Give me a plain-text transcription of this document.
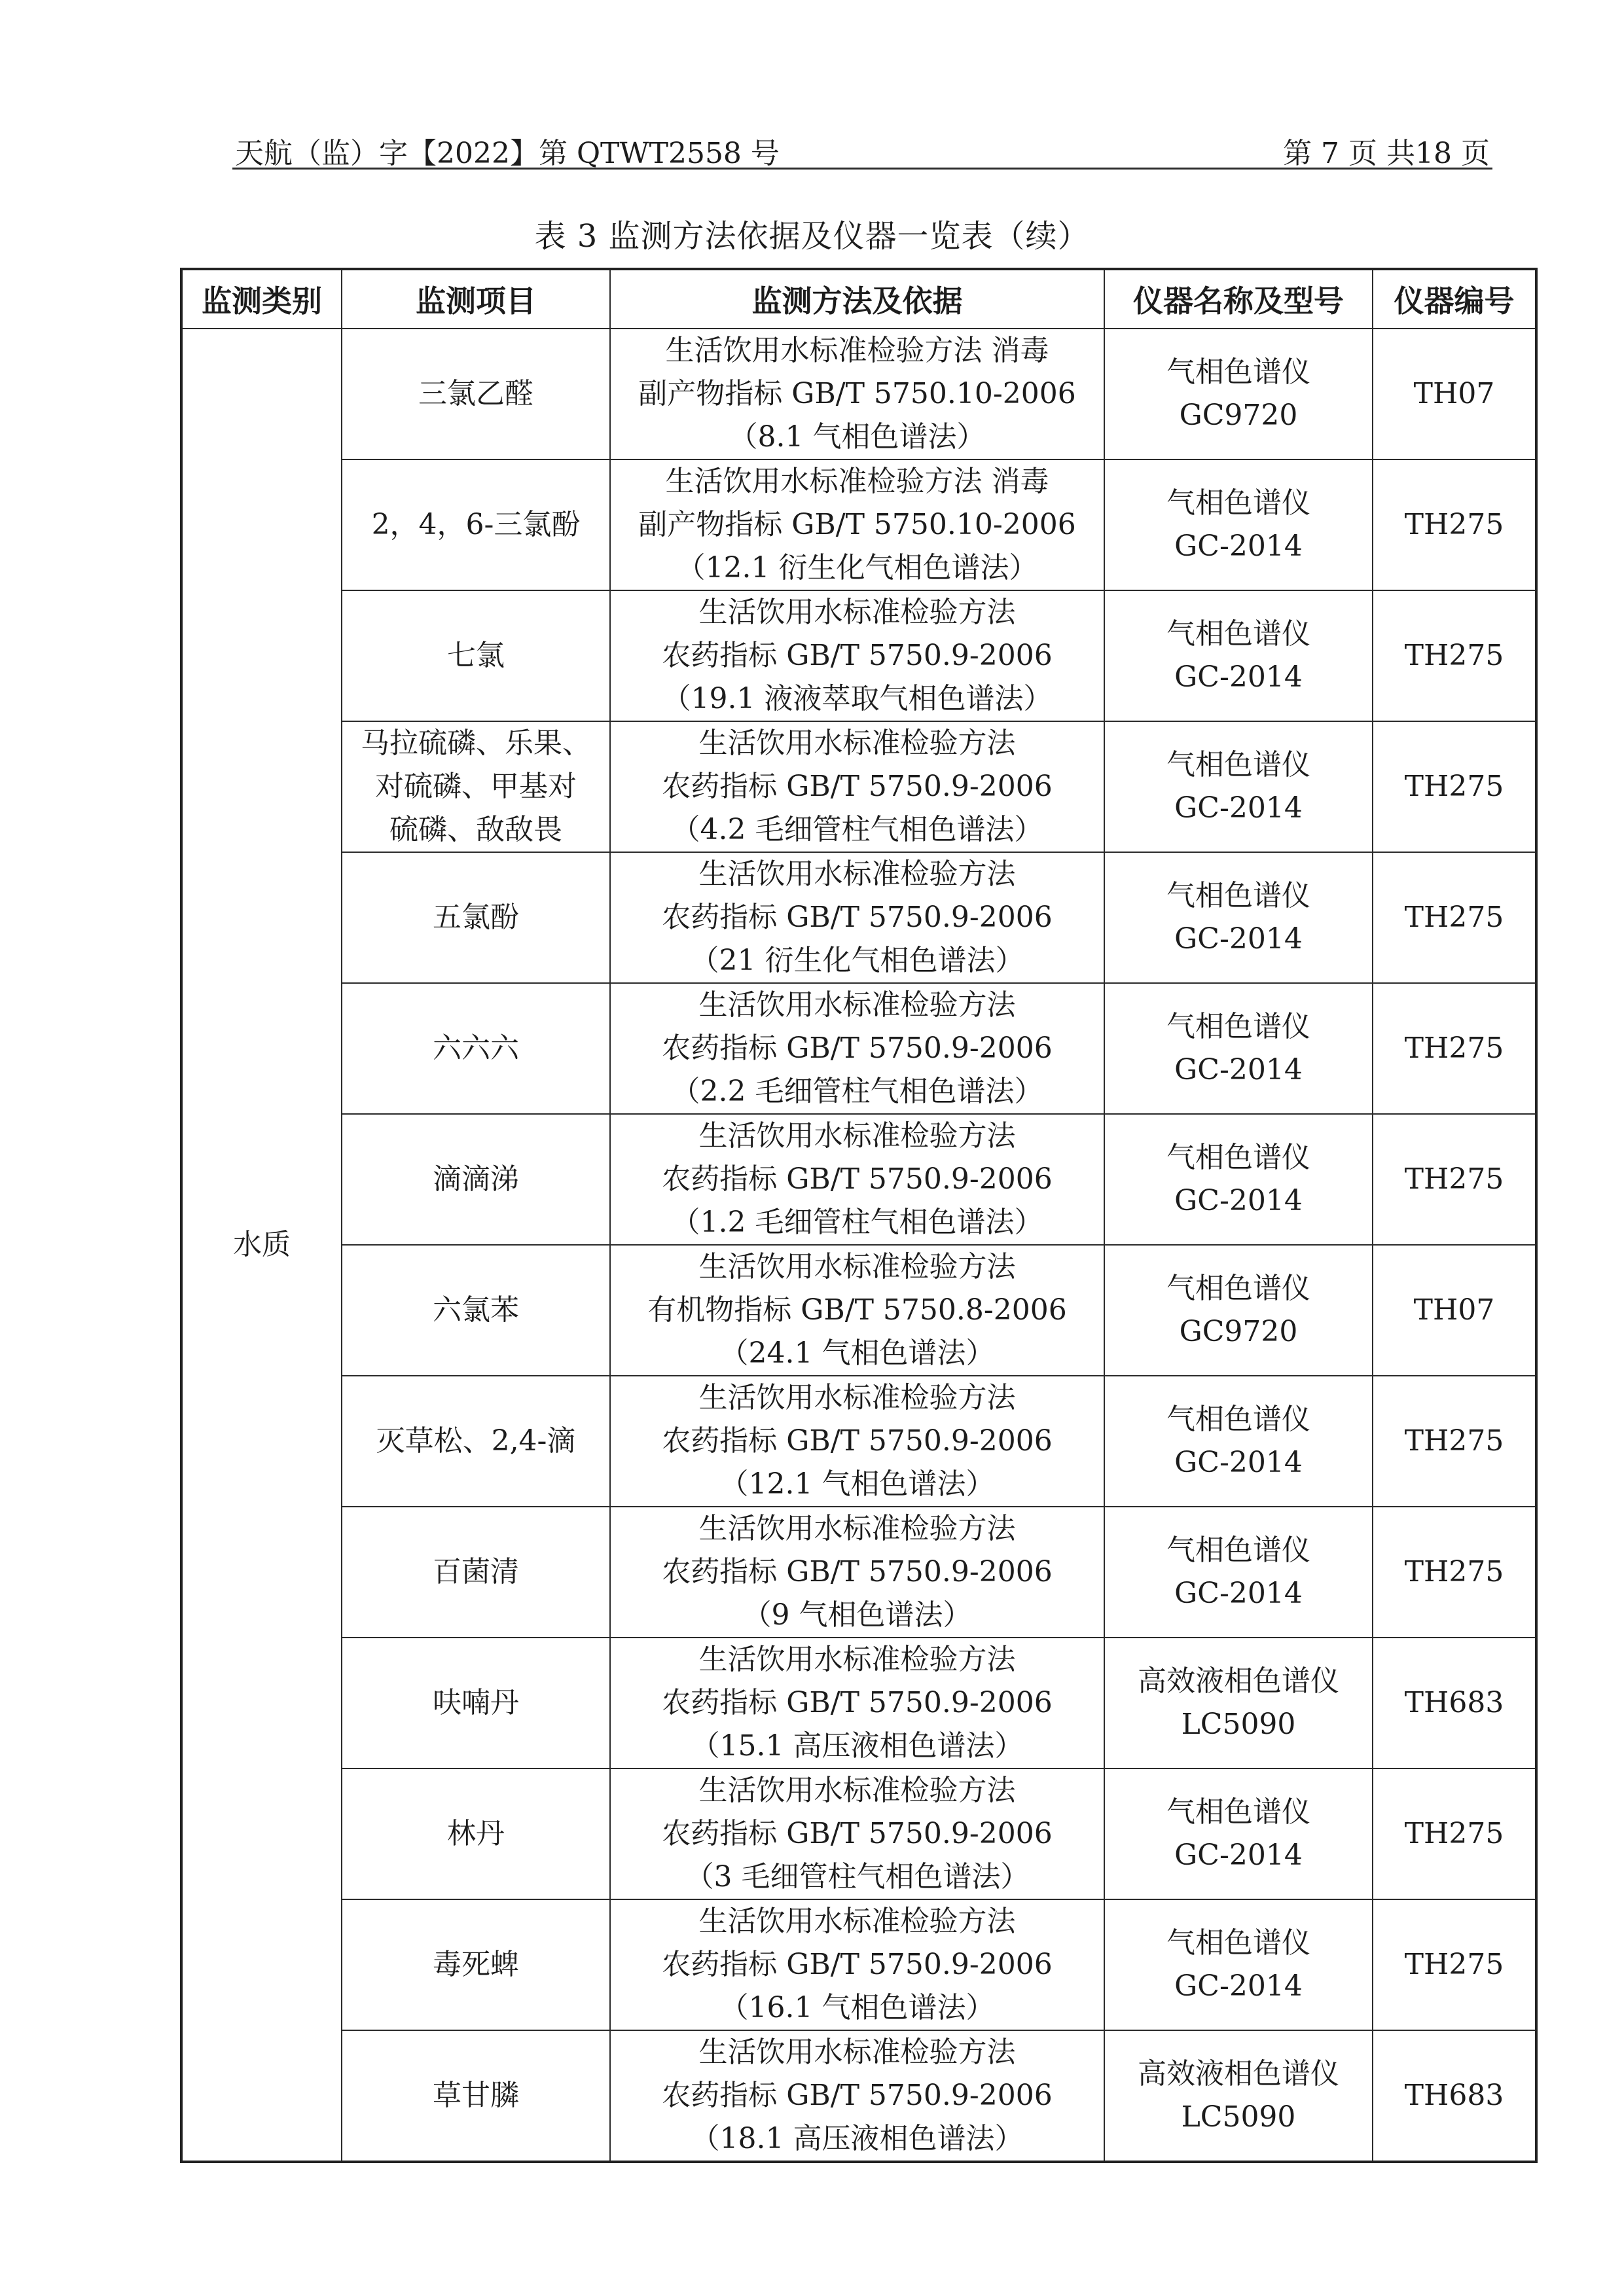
天航（监）字【2022】第 QTWT2558 号	第 7 页 共18 页
表 3 监测方法依据及仪器一览表（续）
监测类别	监测项目	监测方法及依据	仪器名称及型号	仪器编号
水质	三氯乙醛	生活饮用水标准检验方法 消毒
副产物指标 GB/T 5750.10-2006
（8.1 气相色谱法）	气相色谱仪
GC9720	TH07

	2，4，6-三氯酚	生活饮用水标准检验方法 消毒
副产物指标 GB/T 5750.10-2006
（12.1 衍生化气相色谱法）	气相色谱仪
GC-2014	TH275

	七氯	生活饮用水标准检验方法
农药指标 GB/T 5750.9-2006
（19.1 液液萃取气相色谱法）	气相色谱仪
GC-2014	TH275

	马拉硫磷、乐果、
对硫磷、甲基对
硫磷、敌敌畏	生活饮用水标准检验方法
农药指标 GB/T 5750.9-2006
（4.2 毛细管柱气相色谱法）	气相色谱仪
GC-2014	TH275

	五氯酚	生活饮用水标准检验方法
农药指标 GB/T 5750.9-2006
（21 衍生化气相色谱法）	气相色谱仪
GC-2014	TH275

	六六六	生活饮用水标准检验方法
农药指标 GB/T 5750.9-2006
（2.2 毛细管柱气相色谱法）	气相色谱仪
GC-2014	TH275

	滴滴涕	生活饮用水标准检验方法
农药指标 GB/T 5750.9-2006
（1.2 毛细管柱气相色谱法）	气相色谱仪
GC-2014	TH275

	六氯苯	生活饮用水标准检验方法
有机物指标 GB/T 5750.8-2006
（24.1 气相色谱法）	气相色谱仪
GC9720	TH07

	灭草松、2,4-滴	生活饮用水标准检验方法
农药指标 GB/T 5750.9-2006
（12.1 气相色谱法）	气相色谱仪
GC-2014	TH275

	百菌清	生活饮用水标准检验方法
农药指标 GB/T 5750.9-2006
（9 气相色谱法）	气相色谱仪
GC-2014	TH275

	呋喃丹	生活饮用水标准检验方法
农药指标 GB/T 5750.9-2006
（15.1 高压液相色谱法）	高效液相色谱仪
LC5090	TH683

	林丹	生活饮用水标准检验方法
农药指标 GB/T 5750.9-2006
（3 毛细管柱气相色谱法）	气相色谱仪
GC-2014	TH275

	毒死蜱	生活饮用水标准检验方法
农药指标 GB/T 5750.9-2006
（16.1 气相色谱法）	气相色谱仪
GC-2014	TH275

	草甘膦	生活饮用水标准检验方法
农药指标 GB/T 5750.9-2006
（18.1 高压液相色谱法）	高效液相色谱仪
LC5090	TH683
